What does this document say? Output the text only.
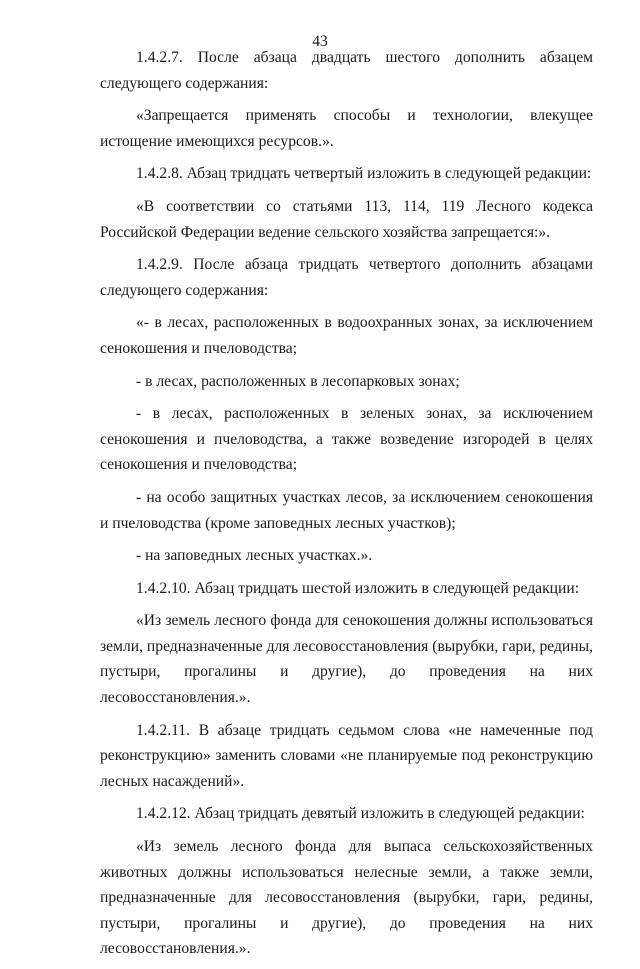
43

1.4.2.7. После абзаца двадцать шестого дополнить абзацем следующего содержания:

«Запрещается применять способы и технологии, влекущее истощение имеющихся ресурсов.».

1.4.2.8. Абзац тридцать четвертый изложить в следующей редакции:

«В соответствии со статьями 113, 114, 119 Лесного кодекса Российской Федерации ведение сельского хозяйства запрещается:».

1.4.2.9. После абзаца тридцать четвертого дополнить абзацами следующего содержания:

«- в лесах, расположенных в водоохранных зонах, за исключением сенокошения и пчеловодства;

- в лесах, расположенных в лесопарковых зонах;

- в лесах, расположенных в зеленых зонах, за исключением сенокошения и пчеловодства, а также возведение изгородей в целях сенокошения и пчеловодства;

- на особо защитных участках лесов, за исключением сенокошения и пчеловодства (кроме заповедных лесных участков);

- на заповедных лесных участках.».

1.4.2.10. Абзац тридцать шестой изложить в следующей редакции:

«Из земель лесного фонда для сенокошения должны использоваться земли, предназначенные для лесовосстановления (вырубки, гари, редины, пустыри, прогалины и другие), до проведения на них лесовосстановления.».

1.4.2.11. В абзаце тридцать седьмом слова «не намеченные под реконструкцию» заменить словами «не планируемые под реконструкцию лесных насаждений».

1.4.2.12. Абзац тридцать девятый изложить в следующей редакции:

«Из земель лесного фонда для выпаса сельскохозяйственных животных должны использоваться нелесные земли, а также земли, предназначенные для лесовосстановления (вырубки, гари, редины, пустыри, прогалины и другие), до проведения на них лесовосстановления.».
